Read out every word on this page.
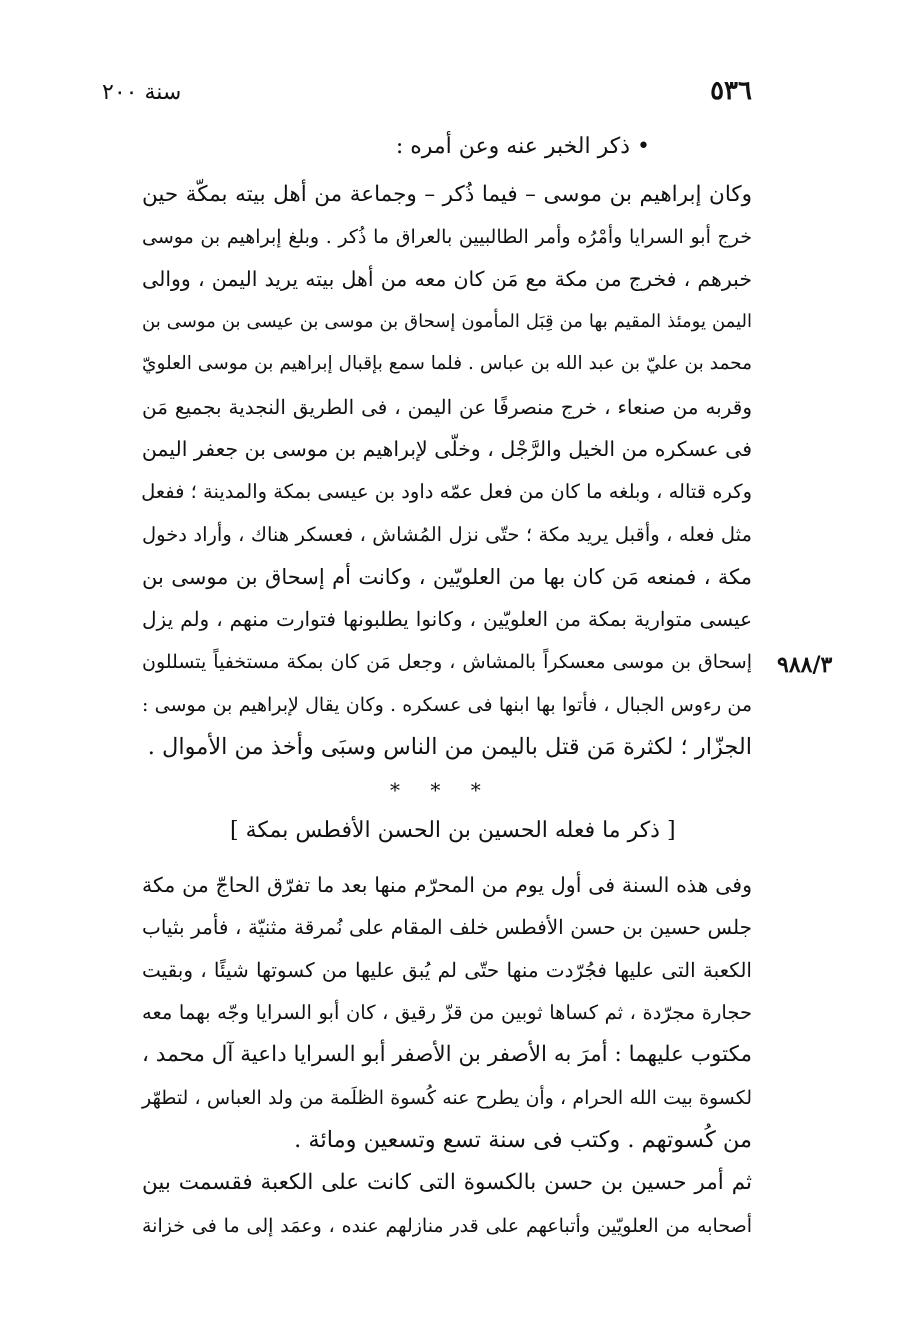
٥٣٦
سنة ٢٠٠
• ذكر الخبر عنه وعن أمره :
وكان إبراهيم بن موسى – فيما ذُكر – وجماعة من أهل بيته بمكّة حين
خرج أبو السرايا وأمْرُه وأمر الطالبيين بالعراق ما ذُكر . وبلغ إبراهيم بن موسى
خبرهم ، فخرج من مكة مع مَن كان معه من أهل بيته يريد اليمن ، ووالى
اليمن يومئذ المقيم بها من قِبَل المأمون إسحاق بن موسى بن عيسى بن موسى بن
محمد بن عليّ بن عبد الله بن عباس . فلما سمع بإقبال إبراهيم بن موسى العلويّ
وقربه من صنعاء ، خرج منصرفًا عن اليمن ، فى الطريق النجدية بجميع مَن
فى عسكره من الخيل والرَّجْل ، وخلّى لإبراهيم بن موسى بن جعفر اليمن
وكره قتاله ، وبلغه ما كان من فعل عمّه داود بن عيسى بمكة والمدينة ؛ ففعل
مثل فعله ، وأقبل يريد مكة ؛ حتّى نزل المُشاش ، فعسكر هناك ، وأراد دخول
مكة ، فمنعه مَن كان بها من العلويّين ، وكانت أم إسحاق بن موسى بن
عيسى متوارية بمكة من العلويّين ، وكانوا يطلبونها فتوارت منهم ، ولم يزل
إسحاق بن موسى معسكراً بالمشاش ، وجعل مَن كان بمكة مستخفياً يتسللون
من رءوس الجبال ، فأتوا بها ابنها فى عسكره . وكان يقال لإبراهيم بن موسى :
الجزّار ؛ لكثرة مَن قتل باليمن من الناس وسبَى وأخذ من الأموال .
٩٨٨/٣
* * *
[ ذكر ما فعله الحسين بن الحسن الأفطس بمكة ]
وفى هذه السنة فى أول يوم من المحرّم منها بعد ما تفرّق الحاجّ من مكة
جلس حسين بن حسن الأفطس خلف المقام على نُمرقة مثنيّة ، فأمر بثياب
الكعبة التى عليها فجُرّدت منها حتّى لم يُبق عليها من كسوتها شيئًا ، وبقيت
حجارة مجرّدة ، ثم كساها ثوبين من قزّ رقيق ، كان أبو السرايا وجّه بهما معه
مكتوب عليهما : أمرَ به الأصفر بن الأصفر أبو السرايا داعية آل محمد ،
لكسوة بيت الله الحرام ، وأن يطرح عنه كُسوة الظلَمة من ولد العباس ، لتطهّر
من كُسوتهم . وكتب فى سنة تسع وتسعين ومائة .
ثم أمر حسين بن حسن بالكسوة التى كانت على الكعبة فقسمت بين
أصحابه من العلويّين وأتباعهم على قدر منازلهم عنده ، وعمَد إلى ما فى خزانة
